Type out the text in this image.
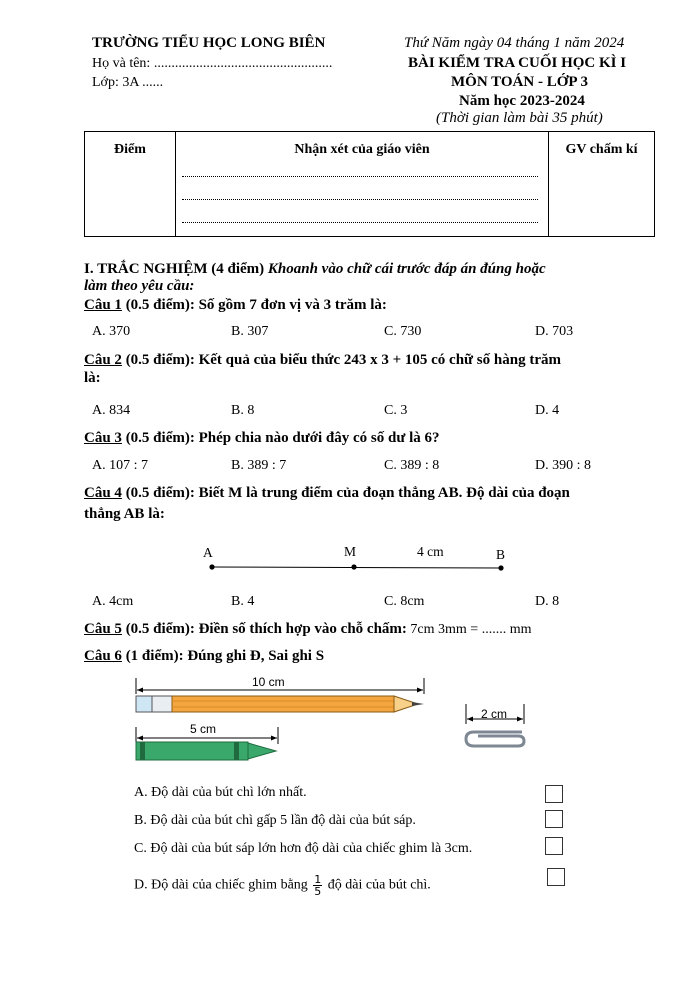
TRƯỜNG TIỂU HỌC LONG BIÊN	Thứ Năm ngày 04 tháng 1 năm 2024
Họ và tên: ...................................................	BÀI KIỂM TRA CUỐI HỌC KÌ I
Lớp: 3A ......	MÔN TOÁN - LỚP 3
Năm học 2023-2024
(Thời gian làm bài 35 phút)
Điểm	Nhận xét của giáo viên	GV chấm kí
I. TRẮC NGHIỆM (4 điểm) Khoanh vào chữ cái trước đáp án đúng hoặc
làm theo yêu cầu:
Câu 1 (0.5 điểm): Số gồm 7 đơn vị và 3 trăm là:
A. 370	B. 307	C. 730	D. 703
Câu 2 (0.5 điểm): Kết quả của biểu thức 243 x 3 + 105 có chữ số hàng trăm
là:
A. 834	B. 8	C. 3	D. 4
Câu 3 (0.5 điểm): Phép chia nào dưới đây có số dư là 6?
A. 107 : 7	B. 389 : 7	C. 389 : 8	D. 390 : 8
Câu 4 (0.5 điểm): Biết M là trung điểm của đoạn thẳng AB. Độ dài của đoạn
thẳng AB là:
A	M	4 cm	B
A. 4cm	B. 4	C. 8cm	D. 8
Câu 5 (0.5 điểm): Điền số thích hợp vào chỗ chấm: 7cm 3mm = ....... mm
Câu 6 (1 điểm): Đúng ghi Đ, Sai ghi S
10 cm
5 cm
2 cm
A. Độ dài của bút chì lớn nhất.
B. Độ dài của bút chì gấp 5 lần độ dài của bút sáp.
C. Độ dài của bút sáp lớn hơn độ dài của chiếc ghim là 3cm.
D. Độ dài của chiếc ghim bằng $\frac{1}{5}$ độ dài của bút chì.
